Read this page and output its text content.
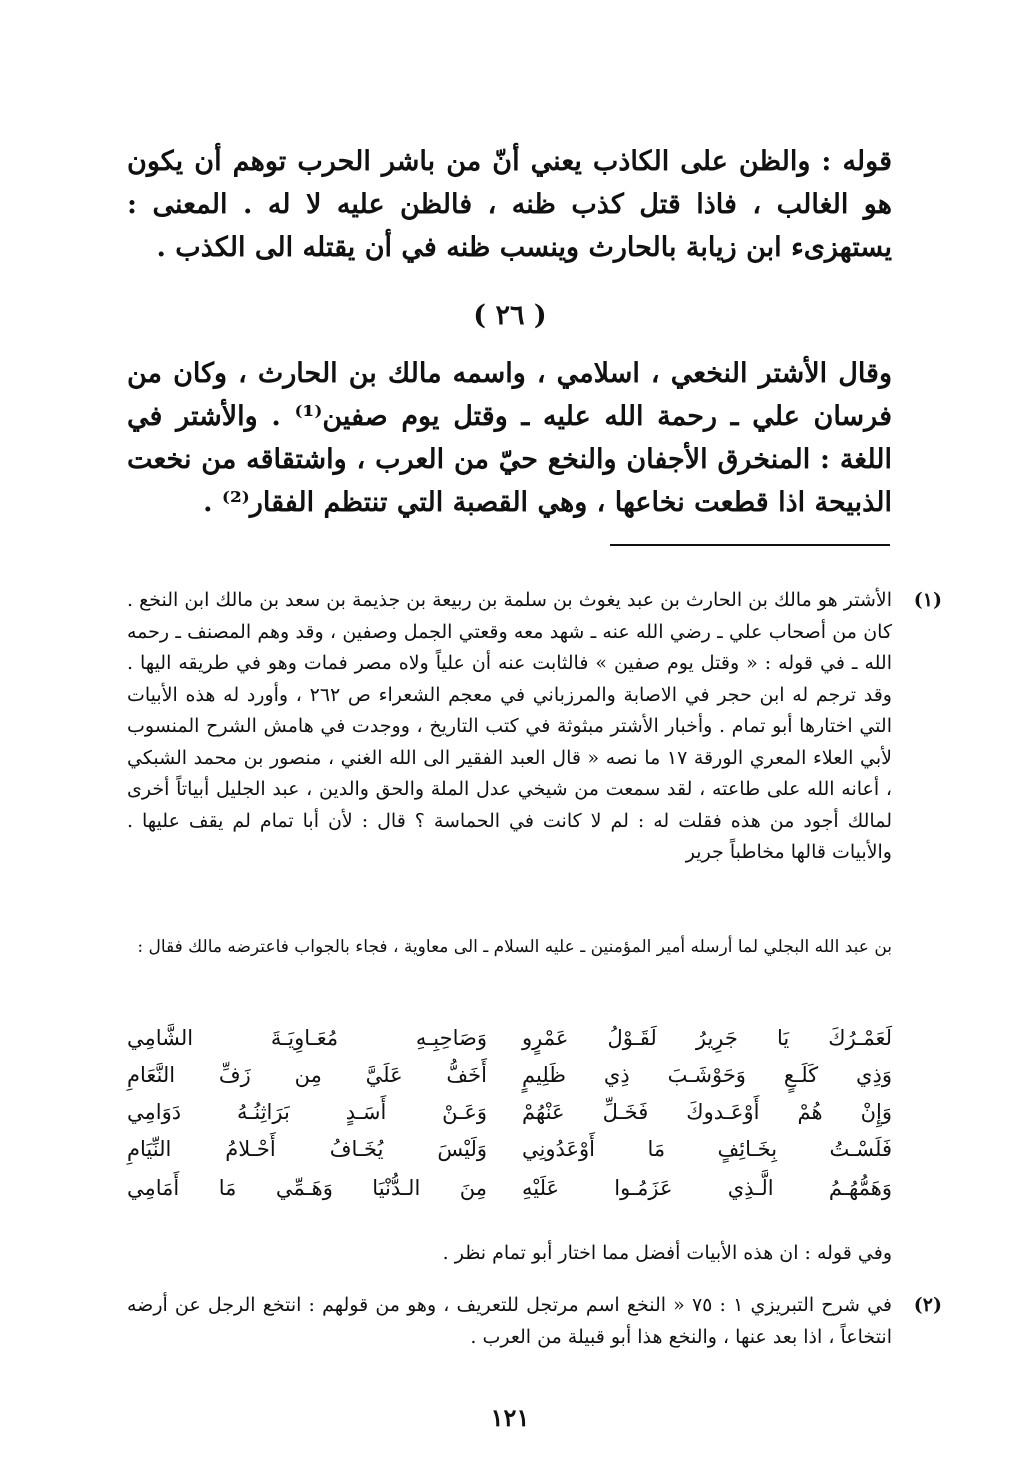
قوله : والظن على الكاذب يعني أنّ من باشر الحرب توهم أن يكون هو الغالب ، فاذا قتل كذب ظنه ، فالظن عليه لا له . المعنى : يستهزىء ابن زيابة بالحارث وينسب ظنه في أن يقتله الى الكذب .
( ٢٦ )
وقال الأشتر النخعي ، اسلامي ، واسمه مالك بن الحارث ، وكان من فرسان علي ـ رحمة الله عليه ـ وقتل يوم صفين⁽¹⁾ . والأشتر في اللغة : المنخرق الأجفان والنخع حيّ من العرب ، واشتقاقه من نخعت الذبيحة اذا قطعت نخاعها ، وهي القصبة التي تنتظم الفقار⁽²⁾ .
(١)
الأشتر هو مالك بن الحارث بن عبد يغوث بن سلمة بن ربيعة بن جذيمة بن سعد بن مالك ابن النخع . كان من أصحاب علي ـ رضي الله عنه ـ شهد معه وقعتي الجمل وصفين ، وقد وهم المصنف ـ رحمه الله ـ في قوله : « وقتل يوم صفين » فالثابت عنه أن علياً ولاه مصر فمات وهو في طريقه اليها . وقد ترجم له ابن حجر في الاصابة والمرزباني في معجم الشعراء ص ٢٦٢ ، وأورد له هذه الأبيات التي اختارها أبو تمام . وأخبار الأشتر مبثوثة في كتب التاريخ ، ووجدت في هامش الشرح المنسوب لأبي العلاء المعري الورقة ١٧ ما نصه « قال العبد الفقير الى الله الغني ، منصور بن محمد الشبكي ، أعانه الله على طاعته ، لقد سمعت من شيخي عدل الملة والحق والدين ، عبد الجليل أبياتاً أخرى لمالك أجود من هذه فقلت له : لم لا كانت في الحماسة ؟ قال : لأن أبا تمام لم يقف عليها . والأبيات قالها مخاطباً جرير
بن عبد الله البجلي لما أرسله أمير المؤمنين ـ عليه السلام ـ الى معاوية ، فجاء بالجواب فاعترضه مالك فقال :
لَعَمْـرُكَ يَا جَرِيرُ لَقَـوْلُ عَمْرٍو
وَصَاحِبِـهِ مُعَـاوِيَـةَ الشَّامِي
وَذِي كَلَـعٍ وَحَوْشَـبَ ذِي ظَلِيمٍ
أَخَفُّ عَلَيَّ مِن زَفِّ النَّعَامِ
وَإِنْ هُمْ أَوْعَـدوكَ فَخَـلِّ عَنْهُمْ
وَعَـنْ أَسَـدٍ بَرَاثِنُـهُ دَوَامِي
فَلَسْـتُ بِخَـائِفٍ مَا أَوْعَدُونِي
وَلَيْسَ يُخَـافُ أَحْـلامُ النِّيَامِ
وَهَمُّهُـمُ الَّـذِي عَزَمُـوا عَلَيْهِ
مِنَ الـدُّنْيَا وَهَـمِّي مَا أَمَامِي
وفي قوله : ان هذه الأبيات أفضل مما اختار أبو تمام نظر .
(٢)
في شرح التبريزي ١ : ٧٥ « النخع اسم مرتجل للتعريف ، وهو من قولهم : انتخع الرجل عن أرضه انتخاعاً ، اذا بعد عنها ، والنخع هذا أبو قبيلة من العرب .
١٢١
